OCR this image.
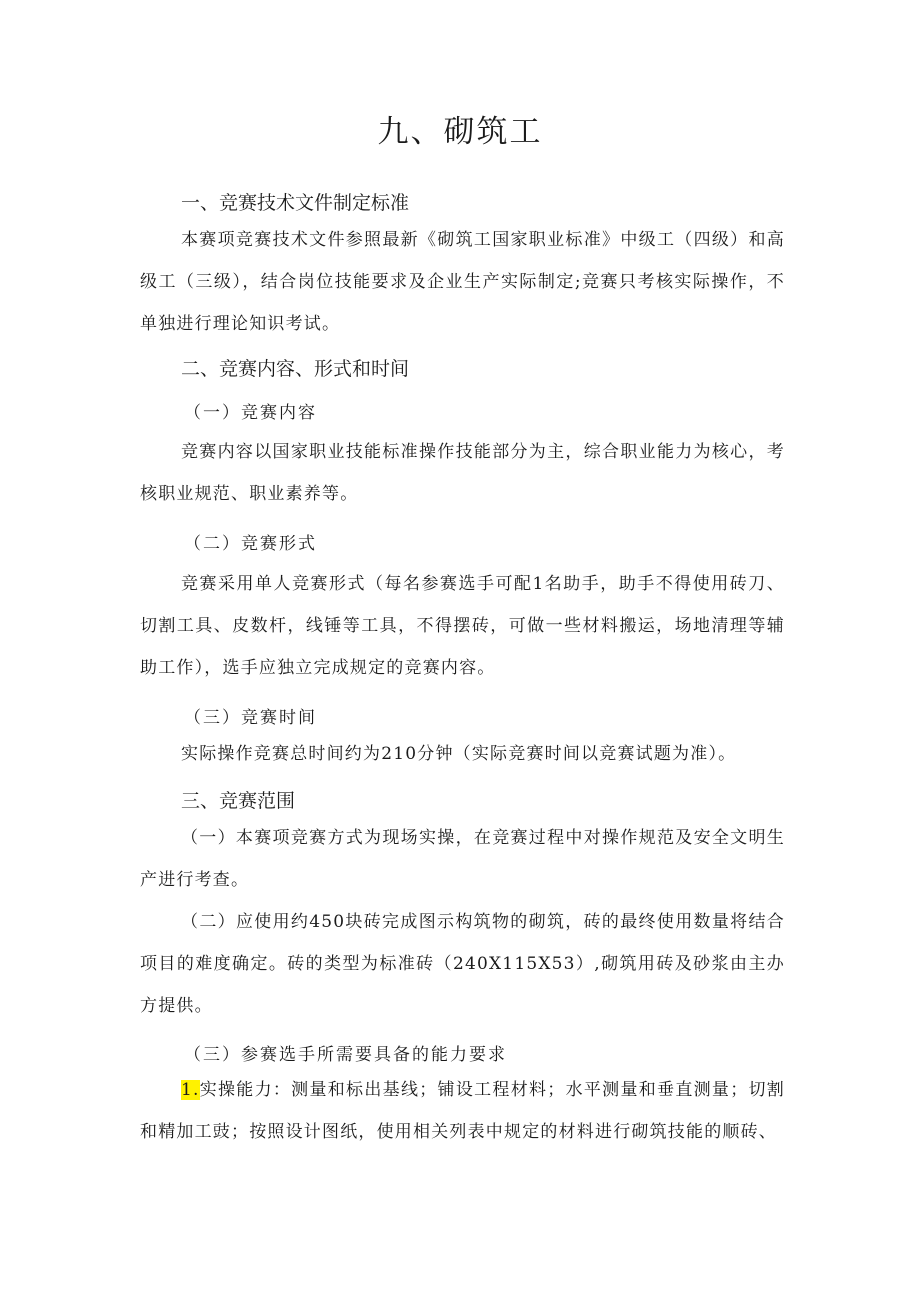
九、砌筑工
一、竞赛技术文件制定标准
本赛项竞赛技术文件参照最新《砌筑工国家职业标准》中级工（四级）和高级工（三级），结合岗位技能要求及企业生产实际制定;竞赛只考核实际操作，不单独进行理论知识考试。
二、竞赛内容、形式和时间
（一）竞赛内容
竞赛内容以国家职业技能标准操作技能部分为主，综合职业能力为核心，考核职业规范、职业素养等。
（二）竞赛形式
竞赛采用单人竞赛形式（每名参赛选手可配1名助手，助手不得使用砖刀、切割工具、皮数杆，线锤等工具，不得摆砖，可做一些材料搬运，场地清理等辅助工作），选手应独立完成规定的竞赛内容。
（三）竞赛时间
实际操作竞赛总时间约为210分钟（实际竞赛时间以竞赛试题为准）。
三、竞赛范围
（一）本赛项竞赛方式为现场实操，在竞赛过程中对操作规范及安全文明生产进行考查。
（二）应使用约450块砖完成图示构筑物的砌筑，砖的最终使用数量将结合项目的难度确定。砖的类型为标准砖（240X115X53）,砌筑用砖及砂浆由主办方提供。
（三）参赛选手所需要具备的能力要求
1.实操能力：测量和标出基线；铺设工程材料；水平测量和垂直测量；切割和精加工豉；按照设计图纸，使用相关列表中规定的材料进行砌筑技能的顺砖、
